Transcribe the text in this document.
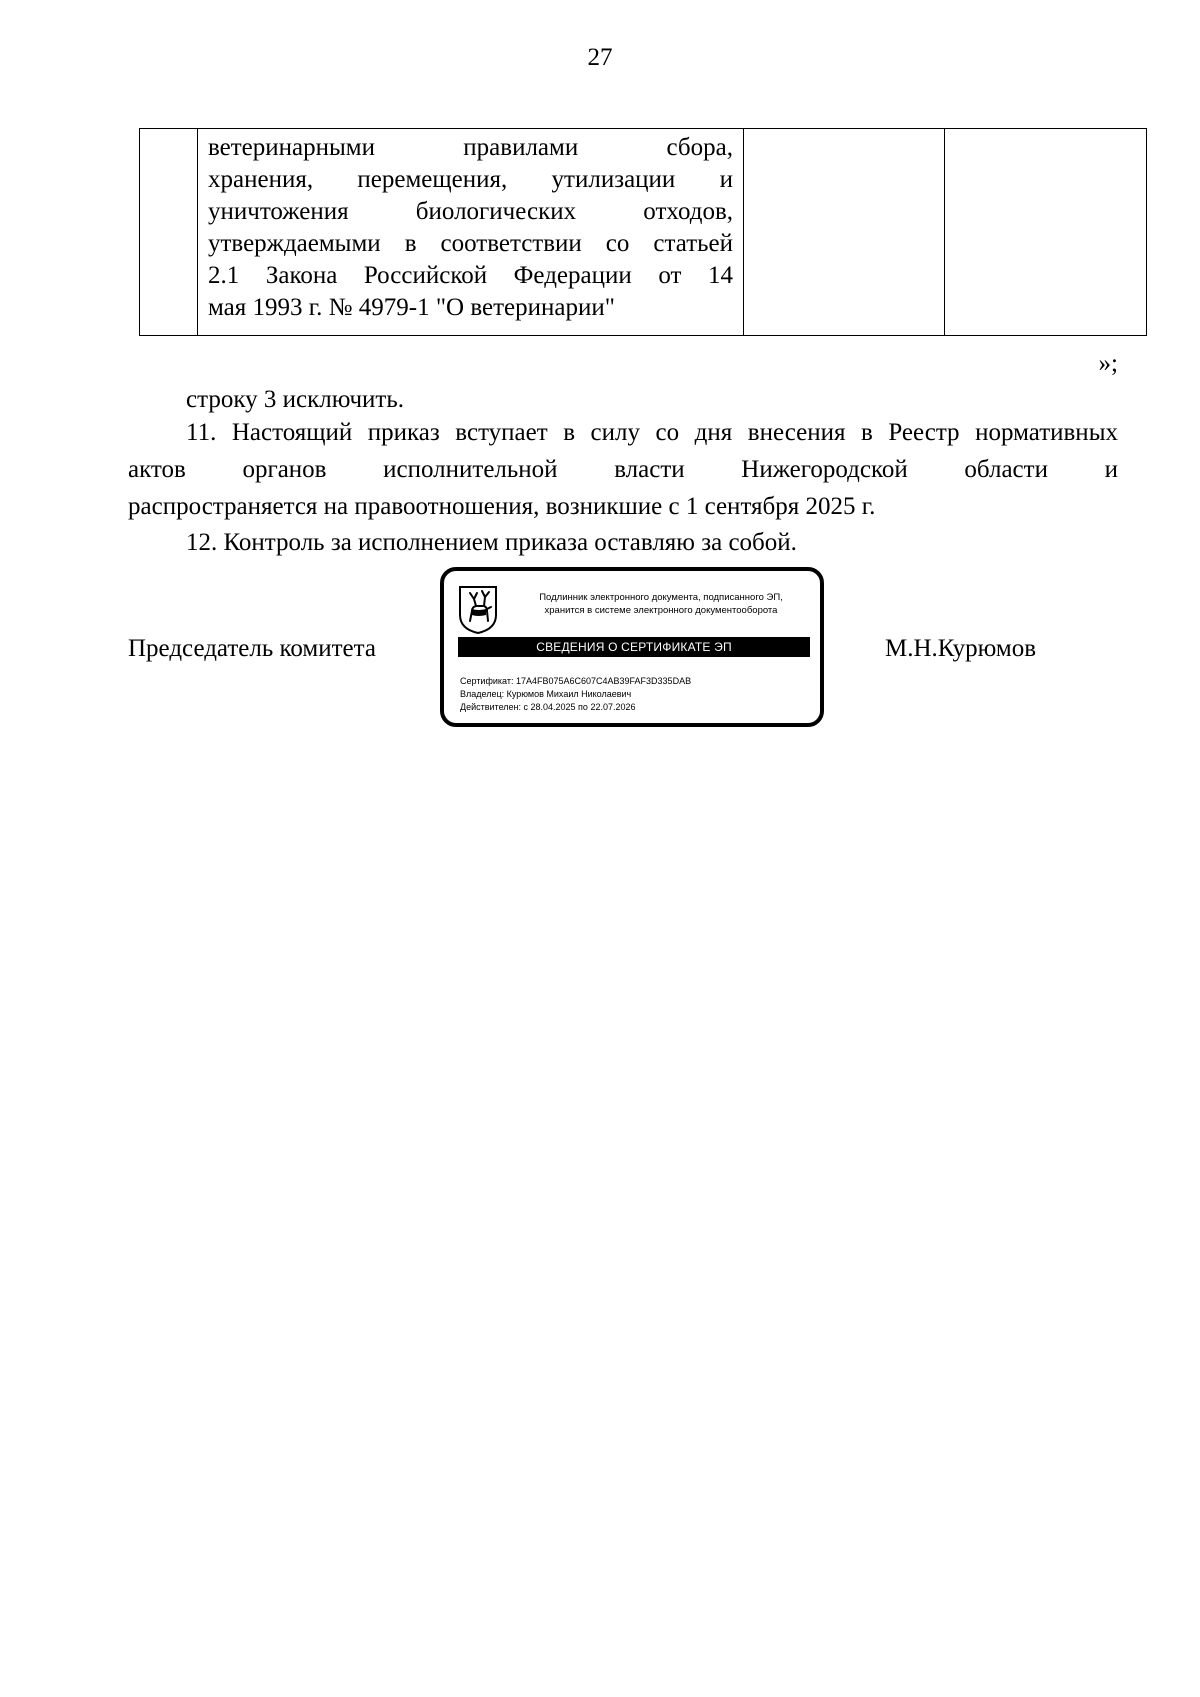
27

ветеринарными правилами сбора,
хранения, перемещения, утилизации и
уничтожения биологических отходов,
утверждаемыми в соответствии со статьей
2.1 Закона Российской Федерации от 14
мая 1993 г. № 4979-1 "О ветеринарии"

»;

строку 3 исключить.

11. Настоящий приказ вступает в силу со дня внесения в Реестр нормативных
актов органов исполнительной власти Нижегородской области и
распространяется на правоотношения, возникшие с 1 сентября 2025 г.

12. Контроль за исполнением приказа оставляю за собой.

Председатель комитета	М.Н.Курюмов
Подлинник электронного документа, подписанного ЭП,
хранится в системе электронного документооборота
СВЕДЕНИЯ О СЕРТИФИКАТЕ ЭП
Сертификат: 17A4FB075A6C607C4AB39FAF3D335DAB
Владелец: Курюмов Михаил Николаевич
Действителен: с 28.04.2025 по 22.07.2026
